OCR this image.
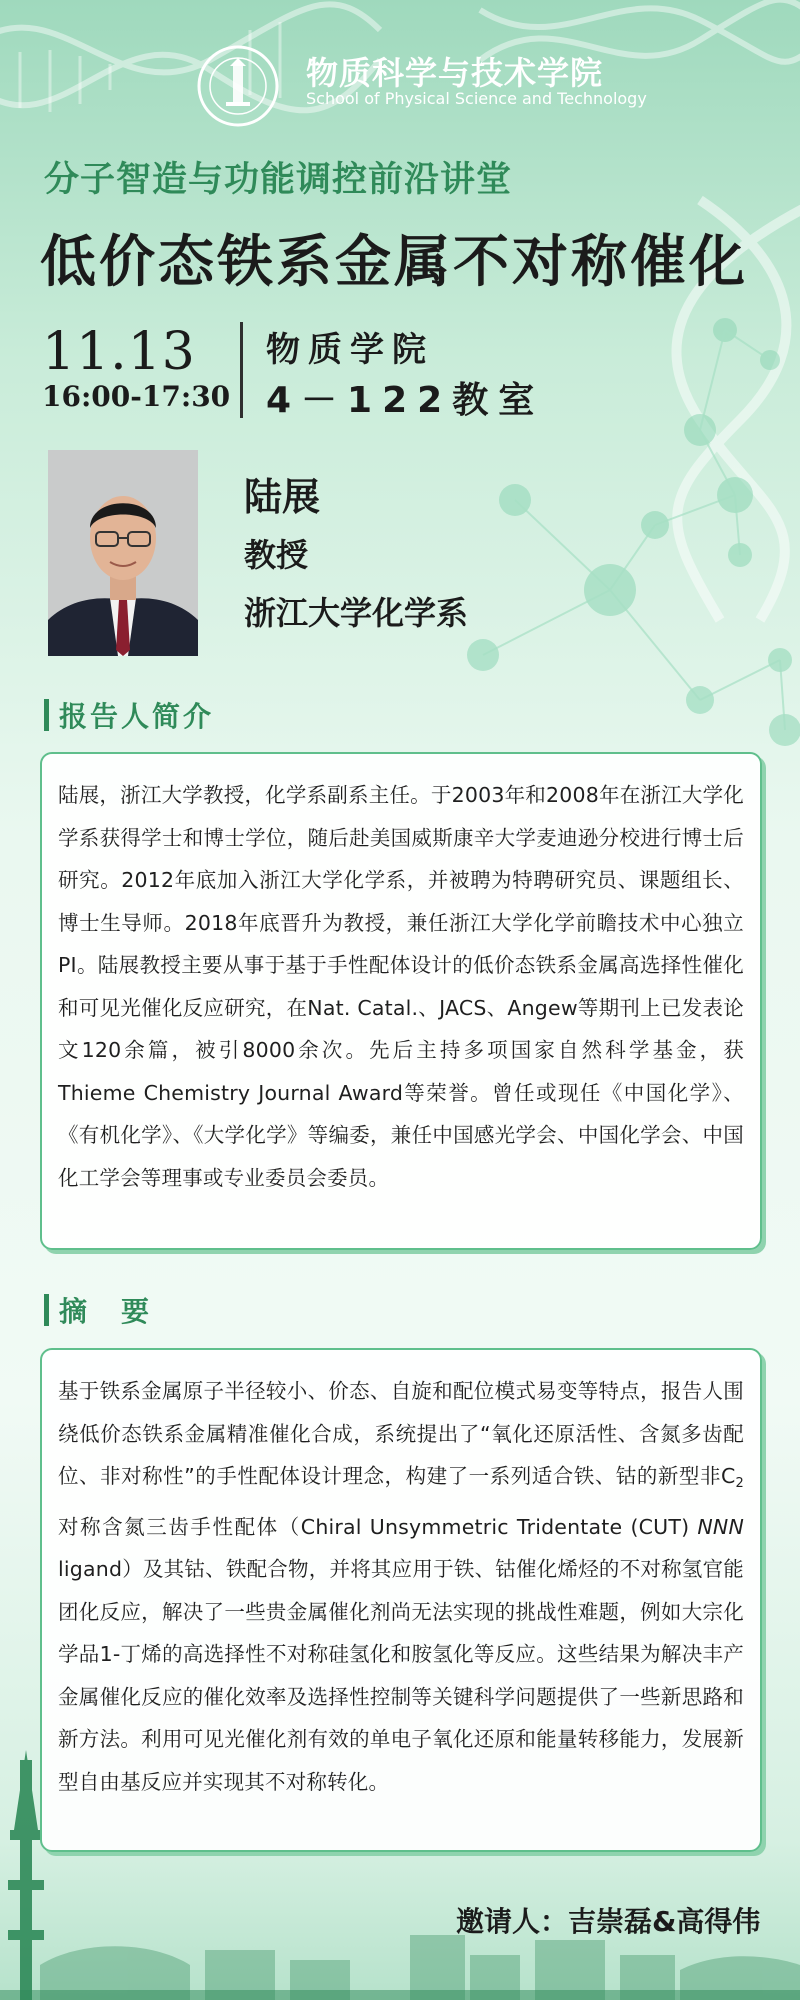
物质科学与技术学院
School of Physical Science and Technology
分子智造与功能调控前沿讲堂
低价态铁系金属不对称催化
11.13
16:00-17:30
物质学院
4－122教室
陆展
教授
浙江大学化学系
报告人简介
陆展，浙江大学教授，化学系副系主任。于2003年和2008年在浙江大学化学系获得学士和博士学位，随后赴美国威斯康辛大学麦迪逊分校进行博士后研究。2012年底加入浙江大学化学系，并被聘为特聘研究员、课题组长、博士生导师。2018年底晋升为教授，兼任浙江大学化学前瞻技术中心独立PI。陆展教授主要从事于基于手性配体设计的低价态铁系金属高选择性催化和可见光催化反应研究，在Nat. Catal.、JACS、Angew等期刊上已发表论文120余篇，被引8000余次。先后主持多项国家自然科学基金，获Thieme Chemistry Journal Award等荣誉。曾任或现任《中国化学》、《有机化学》、《大学化学》等编委，兼任中国感光学会、中国化学会、中国化工学会等理事或专业委员会委员。
摘　要
基于铁系金属原子半径较小、价态、自旋和配位模式易变等特点，报告人围绕低价态铁系金属精准催化合成，系统提出了“氧化还原活性、含氮多齿配位、非对称性”的手性配体设计理念，构建了一系列适合铁、钴的新型非$C_2$对称含氮三齿手性配体（Chiral Unsymmetric Tridentate (CUT) NNN ligand）及其钴、铁配合物，并将其应用于铁、钴催化烯烃的不对称氢官能团化反应，解决了一些贵金属催化剂尚无法实现的挑战性难题，例如大宗化学品1-丁烯的高选择性不对称硅氢化和胺氢化等反应。这些结果为解决丰产金属催化反应的催化效率及选择性控制等关键科学问题提供了一些新思路和新方法。利用可见光催化剂有效的单电子氧化还原和能量转移能力，发展新型自由基反应并实现其不对称转化。
邀请人：吉崇磊&高得伟
